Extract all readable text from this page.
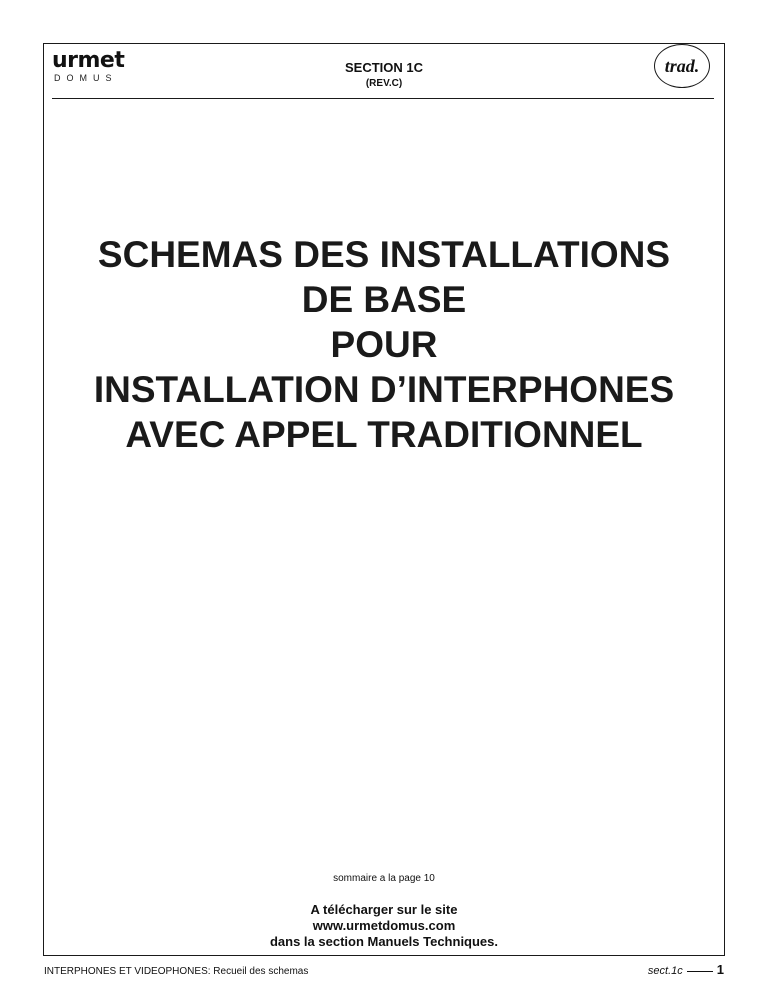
urmet
DOMUS
SECTION 1C
(REV.C)
trad.
SCHEMAS DES INSTALLATIONS
DE BASE
POUR
INSTALLATION D’INTERPHONES
AVEC APPEL TRADITIONNEL
sommaire a la page 10
A télécharger sur le site
www.urmetdomus.com
dans la section Manuels Techniques.
INTERPHONES ET VIDEOPHONES: Recueil des schemas	sect.1c	1
